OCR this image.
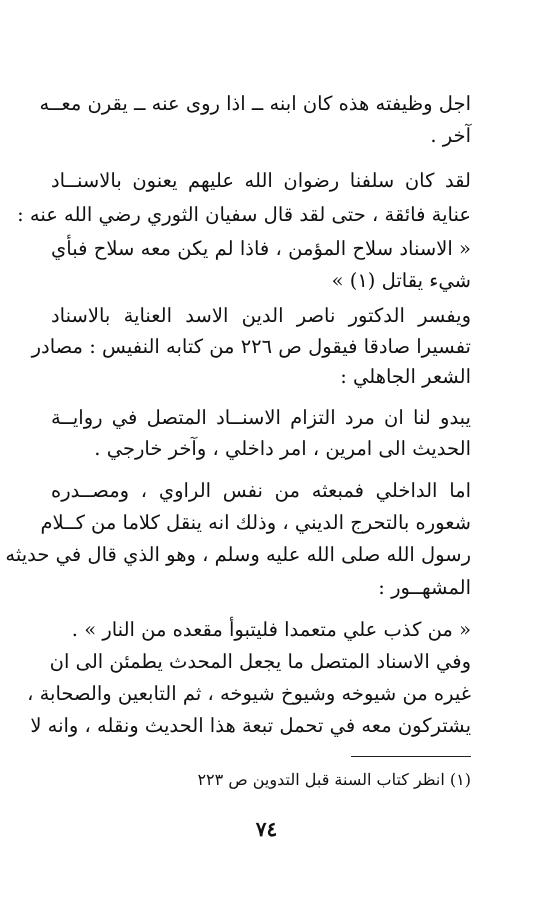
اجل وظيفته هذه كان ابنه ــ اذا روى عنه ــ يقرن معــه
آخر .
لقد كان سلفنا رضوان الله عليهم يعنون بالاسنــاد
عناية فائقة ، حتى لقد قال سفيان الثوري رضي الله عنه :
« الاسناد سلاح المؤمن ، فاذا لم يكن معه سلاح فبأي
شيء يقاتل (١) »
ويفسر الدكتور ناصر الدين الاسد العناية بالاسناد
تفسيرا صادقا فيقول ص ٢٢٦ من كتابه النفيس : مصادر
الشعر الجاهلي :
يبدو لنا ان مرد التزام الاسنــاد المتصل في روايــة
الحديث الى امرين ، امر داخلي ، وآخر خارجي .
اما الداخلي فمبعثه من نفس الراوي ، ومصــدره
شعوره بالتحرج الديني ، وذلك انه ينقل كلاما من كــلام
رسول الله صلى الله عليه وسلم ، وهو الذي قال في حديثه
المشهــور :
« من كذب علي متعمدا فليتبوأ مقعده من النار » .
وفي الاسناد المتصل ما يجعل المحدث يطمئن الى ان
غيره من شيوخه وشيوخ شيوخه ، ثم التابعين والصحابة ،
يشتركون معه في تحمل تبعة هذا الحديث ونقله ، وانه لا
(١) انظر كتاب السنة قبل التدوين ص ٢٢٣
٧٤
